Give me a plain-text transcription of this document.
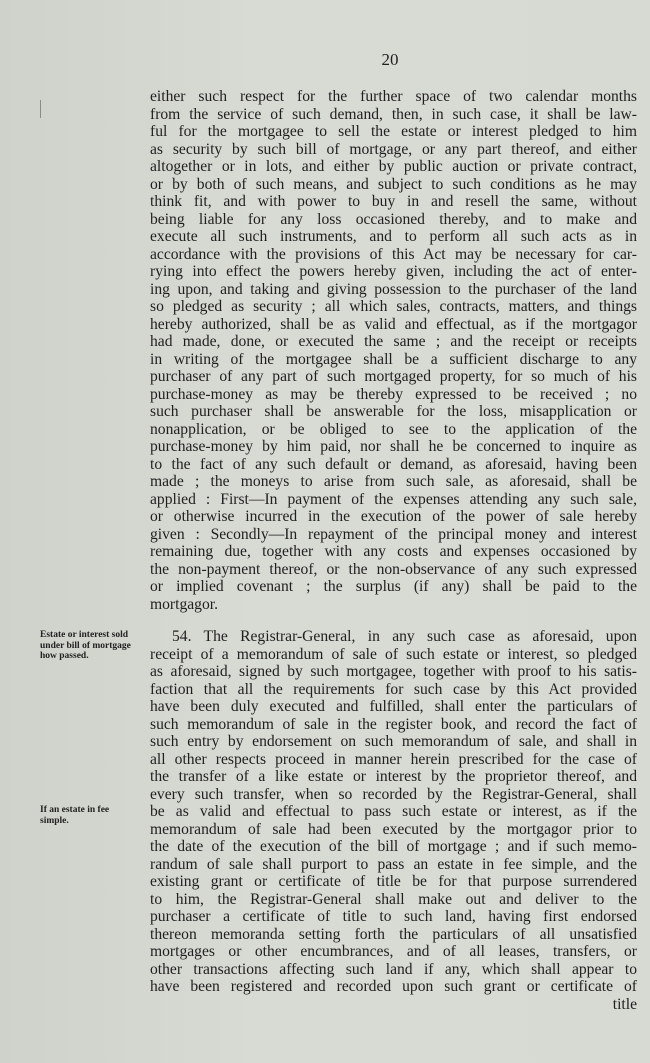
20
either such respect for the further space of two calendar months
from the service of such demand, then, in such case, it shall be law-
ful for the mortgagee to sell the estate or interest pledged to him
as security by such bill of mortgage, or any part thereof, and either
altogether or in lots, and either by public auction or private contract,
or by both of such means, and subject to such conditions as he may
think fit, and with power to buy in and resell the same, without
being liable for any loss occasioned thereby, and to make and
execute all such instruments, and to perform all such acts as in
accordance with the provisions of this Act may be necessary for car-
rying into effect the powers hereby given, including the act of enter-
ing upon, and taking and giving possession to the purchaser of the land
so pledged as security ; all which sales, contracts, matters, and things
hereby authorized, shall be as valid and effectual, as if the mortgagor
had made, done, or executed the same ; and the receipt or receipts
in writing of the mortgagee shall be a sufficient discharge to any
purchaser of any part of such mortgaged property, for so much of his
purchase-money as may be thereby expressed to be received ; no
such purchaser shall be answerable for the loss, misapplication or
nonapplication, or be obliged to see to the application of the
purchase-money by him paid, nor shall he be concerned to inquire as
to the fact of any such default or demand, as aforesaid, having been
made ; the moneys to arise from such sale, as aforesaid, shall be
applied : First—In payment of the expenses attending any such sale,
or otherwise incurred in the execution of the power of sale hereby
given : Secondly—In repayment of the principal money and interest
remaining due, together with any costs and expenses occasioned by
the non-payment thereof, or the non-observance of any such expressed
or implied covenant ; the surplus (if any) shall be paid to the
mortgagor.
Estate or interest sold under bill of mortgage how passed.
If an estate in fee simple.
54. The Registrar-General, in any such case as aforesaid, upon
receipt of a memorandum of sale of such estate or interest, so pledged
as aforesaid, signed by such mortgagee, together with proof to his satis-
faction that all the requirements for such case by this Act provided
have been duly executed and fulfilled, shall enter the particulars of
such memorandum of sale in the register book, and record the fact of
such entry by endorsement on such memorandum of sale, and shall in
all other respects proceed in manner herein prescribed for the case of
the transfer of a like estate or interest by the proprietor thereof, and
every such transfer, when so recorded by the Registrar-General, shall
be as valid and effectual to pass such estate or interest, as if the
memorandum of sale had been executed by the mortgagor prior to
the date of the execution of the bill of mortgage ; and if such memo-
randum of sale shall purport to pass an estate in fee simple, and the
existing grant or certificate of title be for that purpose surrendered
to him, the Registrar-General shall make out and deliver to the
purchaser a certificate of title to such land, having first endorsed
thereon memoranda setting forth the particulars of all unsatisfied
mortgages or other encumbrances, and of all leases, transfers, or
other transactions affecting such land if any, which shall appear to
have been registered and recorded upon such grant or certificate of
title
